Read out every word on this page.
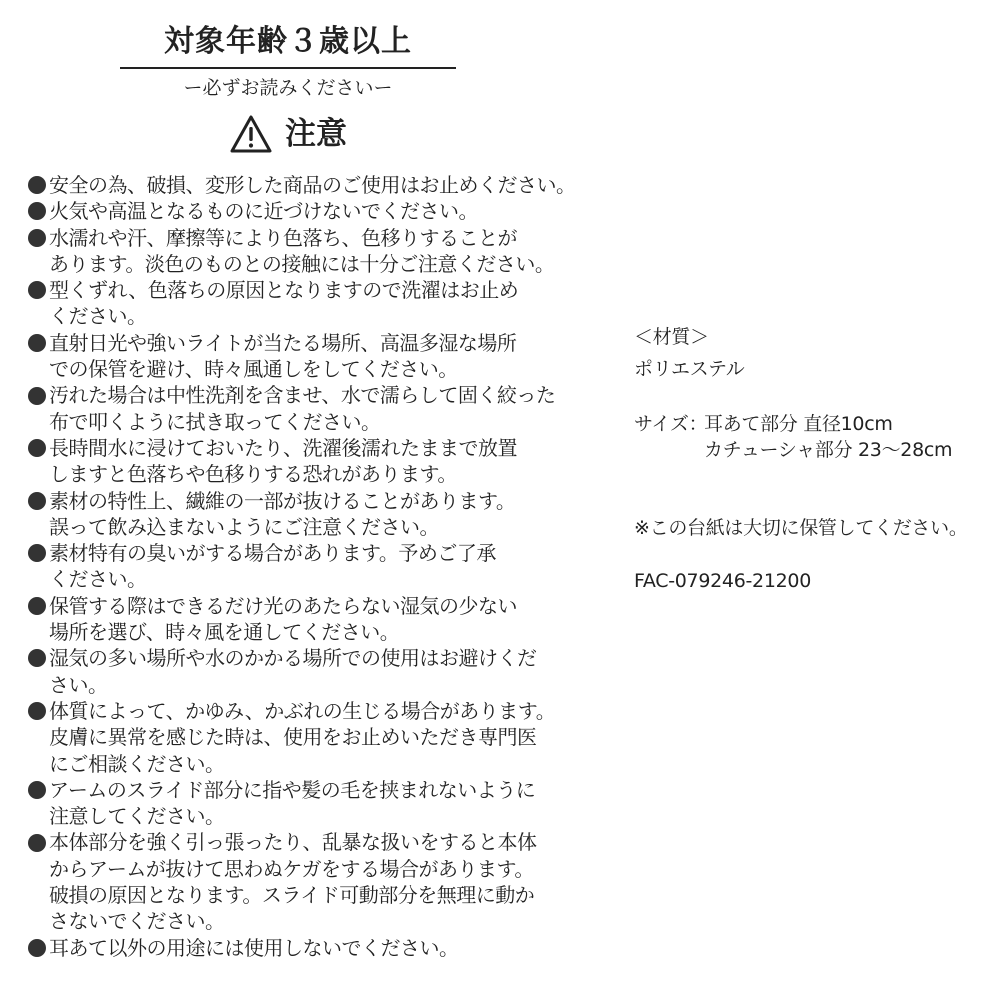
対象年齢３歳以上
ー必ずお読みくださいー
注意
安全の為、破損、変形した商品のご使用はお止めください。
火気や高温となるものに近づけないでください。
水濡れや汗、摩擦等により色落ち、色移りすることが
あります。淡色のものとの接触には十分ご注意ください。
型くずれ、色落ちの原因となりますので洗濯はお止め
ください。
直射日光や強いライトが当たる場所、高温多湿な場所
での保管を避け、時々風通しをしてください。
汚れた場合は中性洗剤を含ませ、水で濡らして固く絞った
布で叩くように拭き取ってください。
長時間水に浸けておいたり、洗濯後濡れたままで放置
しますと色落ちや色移りする恐れがあります。
素材の特性上、繊維の一部が抜けることがあります。
誤って飲み込まないようにご注意ください。
素材特有の臭いがする場合があります。予めご了承
ください。
保管する際はできるだけ光のあたらない湿気の少ない
場所を選び、時々風を通してください。
湿気の多い場所や水のかかる場所での使用はお避けくだ
さい。
体質によって、かゆみ、かぶれの生じる場合があります。
皮膚に異常を感じた時は、使用をお止めいただき専門医
にご相談ください。
アームのスライド部分に指や髪の毛を挟まれないように
注意してください。
本体部分を強く引っ張ったり、乱暴な扱いをすると本体
からアームが抜けて思わぬケガをする場合があります。
破損の原因となります。スライド可動部分を無理に動か
さないでください。
耳あて以外の用途には使用しないでください。
＜材質＞
ポリエステル
サイズ：
耳あて部分 直径10cm
カチューシャ部分 23〜28cm
※この台紙は大切に保管してください。
FAC-079246-21200
